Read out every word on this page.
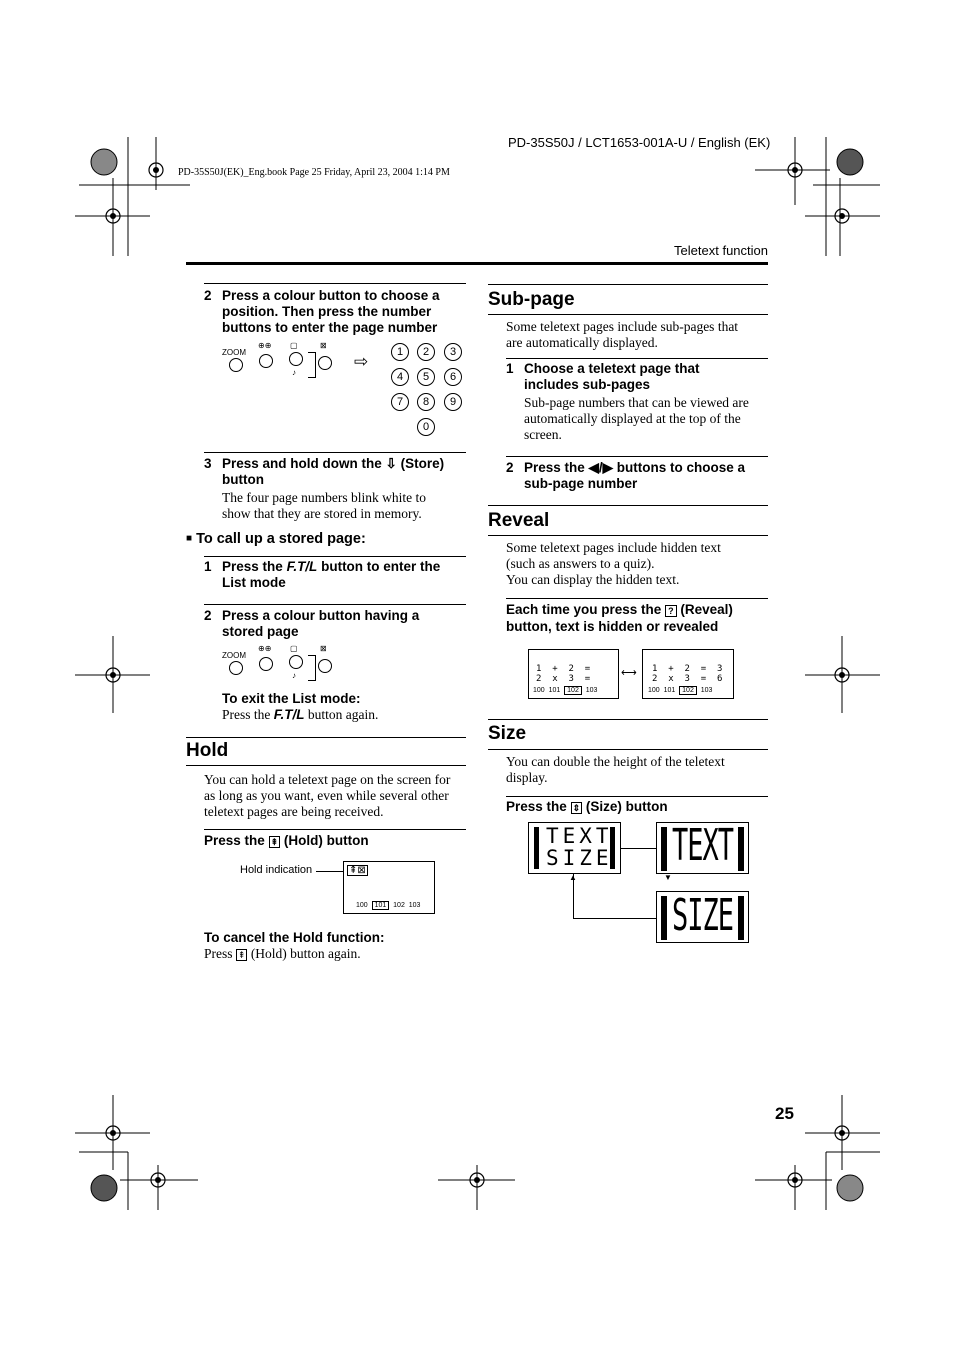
PD-35S50J / LCT1653-001A-U / English (EK)
PD-35S50J(EK)_Eng.book Page 25 Friday, April 23, 2004 1:14 PM
Teletext function
2 Press a colour button to choose a
position. Then press the number
buttons to enter the page number
ZOOM
⊕⊕ ▢
♪
⊠
⇨	1	2	3
4	5	6
7	8	9
0
3 Press and hold down the ⇩ (Store)
button
The four page numbers blink white to
show that they are stored in memory.
■ To call up a stored page:
1 Press the F.T/L button to enter the
List mode
2 Press a colour button having a
stored page
ZOOM
⊕⊕ ▢
♪
⊠
To exit the List mode:
Press the F.T/L button again.
Hold
You can hold a teletext page on the screen for
as long as you want, even while several other
teletext pages are being received.
Press the ⇞ (Hold) button
Hold indication	⇞⊠
100 101 102 103
To cancel the Hold function:
Press ⇞ (Hold) button again.
Sub-page
Some teletext pages include sub-pages that
are automatically displayed.
1 Choose a teletext page that
includes sub-pages
Sub-page numbers that can be viewed are
automatically displayed at the top of the
screen.
2 Press the ◀/▶ buttons to choose a
sub-page number
Reveal
Some teletext pages include hidden text
(such as answers to a quiz).
You can display the hidden text.
Each time you press the ? (Reveal)
button, text is hidden or revealed

1  +  2  =
2  x  3  =
100 101 102 103
⟷ 1  +  2  =  3
2  x  3  =  6
100 101 102 103
Size
You can double the height of the teletext
display.
Press the ⇕ (Size) button
TEXT
SIZE TEXT
▼
SIZE
▲
25
